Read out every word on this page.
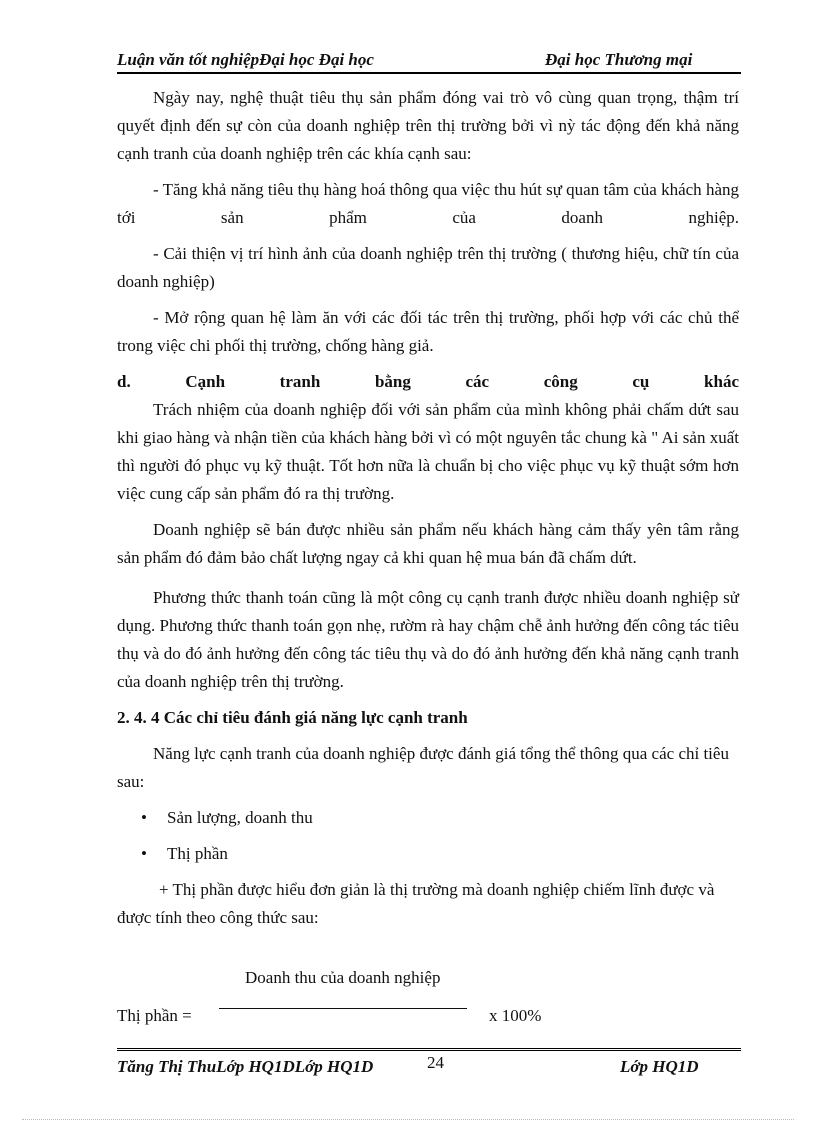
Luận văn tốt nghiệpĐại học Đại học	Đại học Thương mại

Ngày nay, nghệ thuật tiêu thụ sản phẩm đóng vai trò vô cùng quan trọng, thậm trí quyết định đến sự còn của doanh nghiệp trên thị trường bởi vì nỳ tác động đến khả năng cạnh tranh của doanh nghiệp trên các khía cạnh sau:

- Tăng khả năng tiêu thụ hàng hoá thông qua việc thu hút sự quan tâm của khách hàng tới sản phẩm của doanh nghiệp.

- Cải thiện vị trí hình ảnh của doanh nghiệp trên thị trường ( thương hiệu, chữ tín của doanh nghiệp)

- Mở rộng quan hệ làm ăn với các đối tác trên thị trường, phối hợp với các chủ thể trong việc chi phối thị trường, chống hàng giả.

d. Cạnh tranh bằng các công cụ khác

Trách nhiệm của doanh nghiệp đối với sản phẩm của mình không phải chấm dứt sau khi giao hàng và nhận tiền của khách hàng bởi vì có một nguyên tắc chung kà " Ai sản xuất thì người đó phục vụ kỹ thuật. Tốt hơn nữa là chuẩn bị cho việc phục vụ kỹ thuật sớm hơn việc cung cấp sản phẩm đó ra thị trường.

Doanh nghiệp sẽ bán được nhiều sản phẩm nếu khách hàng cảm thấy yên tâm rằng sản phẩm đó đảm bảo chất lượng ngay cả khi quan hệ mua bán đã chấm dứt.

Phương thức thanh toán cũng là một công cụ cạnh tranh được nhiều doanh nghiệp sử dụng. Phương thức thanh toán gọn nhẹ, rườm rà hay chậm chễ ảnh hưởng đến công tác tiêu thụ và do đó ảnh hưởng đến công tác tiêu thụ và do đó ảnh hưởng đến khả năng cạnh tranh của doanh nghiệp trên thị trường.

2. 4. 4 Các chỉ tiêu đánh giá năng lực cạnh tranh

Năng lực cạnh tranh của doanh nghiệp được đánh giá tổng thể thông qua các chỉ tiêu sau:

• Sản lượng, doanh thu
• Thị phần

+ Thị phần được hiểu đơn giản là thị trường mà doanh nghiệp chiếm lĩnh được và được tính theo công thức sau:

Doanh thu của doanh nghiệp
Thị phần =	x 100%
Tăng Thị ThuLớp HQ1DLớp HQ1D	24	Lớp HQ1D
